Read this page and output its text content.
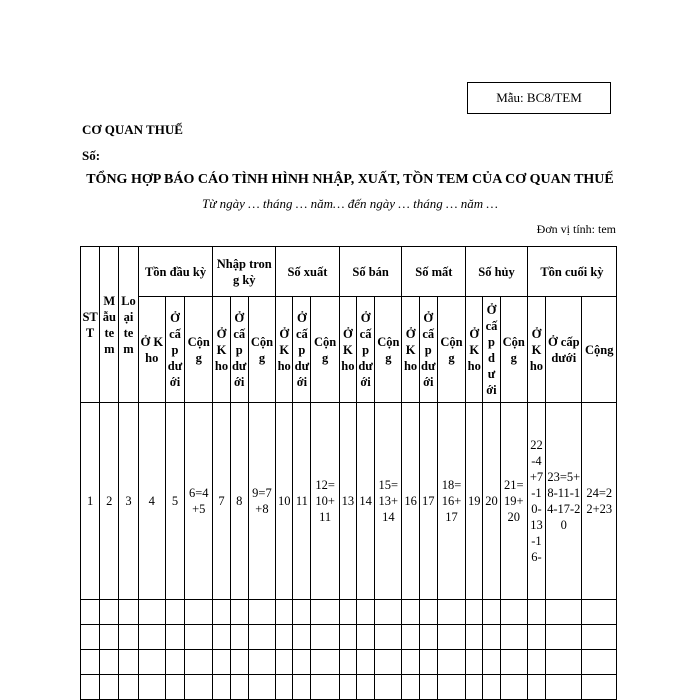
Mẫu: BC8/TEM
CƠ QUAN THUẾ
Số:
TỔNG HỢP BÁO CÁO TÌNH HÌNH NHẬP, XUẤT, TỒN TEM CỦA CƠ QUAN THUẾ
Từ ngày … tháng … năm… đến ngày … tháng … năm …
Đơn vị tính: tem
STT	Mẫu tem	Loại tem	Tồn đầu kỳ			Nhập trong kỳ			Số xuất			Số bán			Số mất			Số hủy			Tồn cuối kỳ		
			Ở Kho	Ở cấp dưới	Cộng	Ở Kho	Ở cấp dưới	Cộng	Ở Kho	Ở cấp dưới	Cộng	Ở Kho	Ở cấp dưới	Cộng	Ở Kho	Ở cấp dưới	Cộng	Ở Kho	Ở cấp dưới	Cộng	Ở Kho	Ở cấp dưới	Cộng
1	2	3	4	5	6=4+5	7	8	9=7+8	10	11	12=10+11	13	14	15=13+14	16	17	18=16+17	19	20	21=19+20	22-4+7-10-13-16-	23=5+8-11-14-17-20	24=22+23
